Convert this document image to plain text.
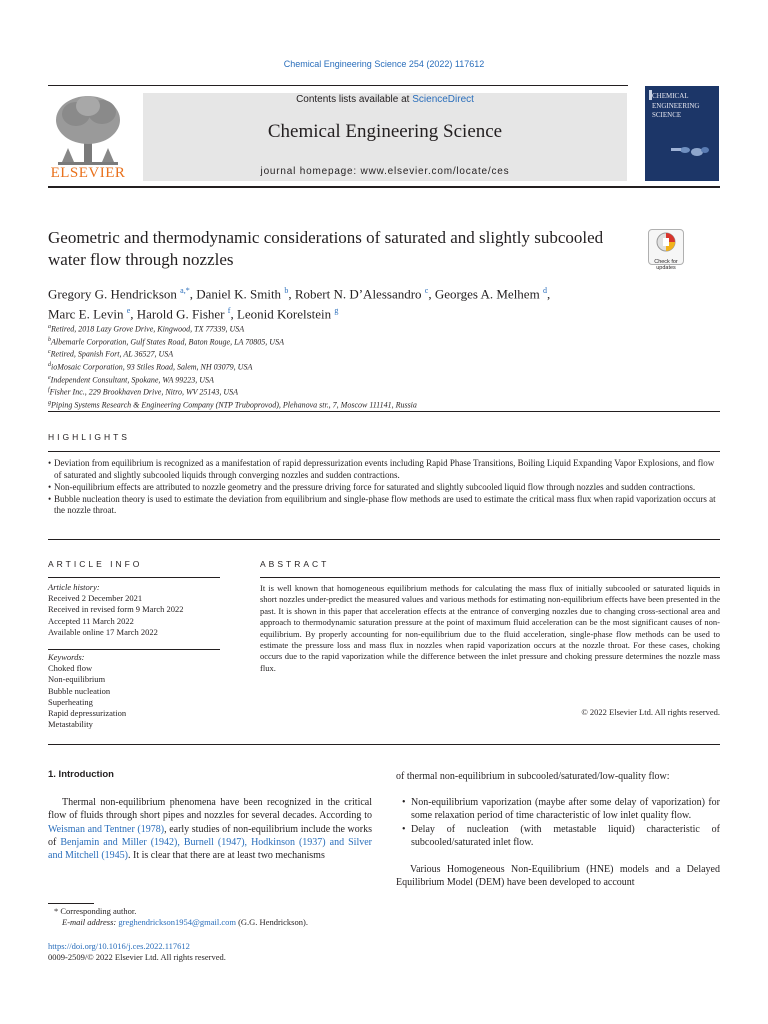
Chemical Engineering Science 254 (2022) 117612
ELSEVIER
Contents lists available at ScienceDirect
Chemical Engineering Science
journal homepage: www.elsevier.com/locate/ces
CHEMICAL
ENGINEERING
SCIENCE
Geometric and thermodynamic considerations of saturated and slightly subcooled water flow through nozzles	Check for updates
Gregory G. Hendrickson $^{a,*}$, Daniel K. Smith $^b$, Robert N. D’Alessandro $^c$, Georges A. Melhem $^d$,
Marc E. Levin $^e$, Harold G. Fisher $^f$, Leonid Korelstein $^g$
$^a$Retired, 2018 Lazy Grove Drive, Kingwood, TX 77339, USA
$^b$Albemarle Corporation, Gulf States Road, Baton Rouge, LA 70805, USA
$^c$Retired, Spanish Fort, AL 36527, USA
$^d$ioMosaic Corporation, 93 Stiles Road, Salem, NH 03079, USA
$^e$Independent Consultant, Spokane, WA 99223, USA
$^f$Fisher Inc., 229 Brookhaven Drive, Nitro, WV 25143, USA
$^g$Piping Systems Research & Engineering Company (NTP Truboprovod), Plehanova str., 7, Moscow 111141, Russia
HIGHLIGHTS
• Deviation from equilibrium is recognized as a manifestation of rapid depressurization events including Rapid Phase Transitions, Boiling Liquid Expanding Vapor Explosions, and flow of saturated and slightly subcooled liquids through converging nozzles and sudden contractions.
• Non-equilibrium effects are attributed to nozzle geometry and the pressure driving force for saturated and slightly subcooled liquid flow through nozzles and sudden contractions.
• Bubble nucleation theory is used to estimate the deviation from equilibrium and single-phase flow methods are used to estimate the critical mass flux when rapid vaporization occurs at the nozzle throat.
ARTICLE INFO
Article history:
Received 2 December 2021
Received in revised form 9 March 2022
Accepted 11 March 2022
Available online 17 March 2022
Keywords:
Choked flow
Non-equilibrium
Bubble nucleation
Superheating
Rapid depressurization
Metastability
ABSTRACT
It is well known that homogeneous equilibrium methods for calculating the mass flux of initially subcooled or saturated liquids in short nozzles under-predict the measured values and various methods for estimating non-equilibrium effects have been presented in the past. It is shown in this paper that acceleration effects at the entrance of converging nozzles due to changing cross-sectional area and approach to thermodynamic saturation pressure at the point of maximum fluid acceleration can be the most significant causes of non-equilibrium. By properly accounting for non-equilibrium due to the fluid acceleration, single-phase flow methods can be used to estimate the pressure loss and mass flux in nozzles when rapid vaporization occurs at the nozzle throat. For these cases, choking occurs due to the rapid vaporization while the difference between the inlet pressure and choking pressure determines the nozzle mass flux.
© 2022 Elsevier Ltd. All rights reserved.

1. Introduction

Thermal non-equilibrium phenomena have been recognized in the critical flow of fluids through short pipes and nozzles for several decades. According to Weisman and Tentner (1978), early studies of non-equilibrium include the works of Benjamin and Miller (1942), Burnell (1947), Hodkinson (1937) and Silver and Mitchell (1945). It is clear that there are at least two mechanisms

of thermal non-equilibrium in subcooled/saturated/low-quality flow:

• Non-equilibrium vaporization (maybe after some delay of vaporization) for some relaxation period of time characteristic of low inlet quality flow.
• Delay of nucleation (with metastable liquid) characteristic of subcooled/saturated inlet flow.

Various Homogeneous Non-Equilibrium (HNE) models and a Delayed Equilibrium Model (DEM) have been developed to account

* Corresponding author.
E-mail address: greghendrickson1954@gmail.com (G.G. Hendrickson).
https://doi.org/10.1016/j.ces.2022.117612
0009-2509/© 2022 Elsevier Ltd. All rights reserved.
